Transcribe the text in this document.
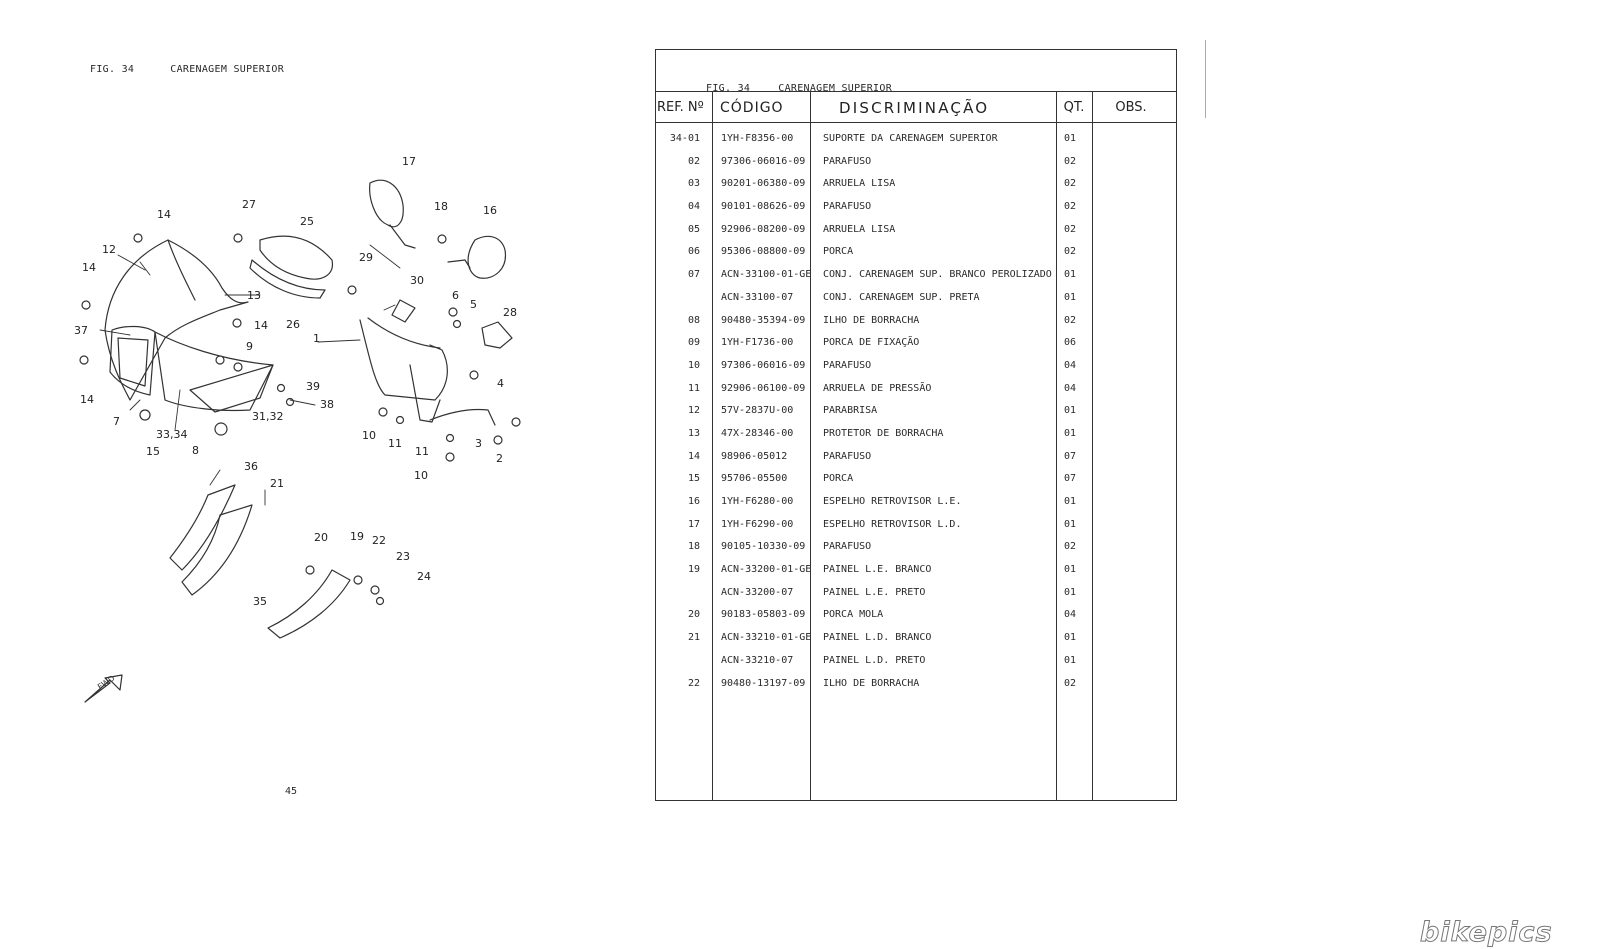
FIG. 34	CARENAGEM SUPERIOR
FWD
17
14
27
25
18	16
12
29
14
13
30
6
5
28
37	14 26
9
1
39	4
14	38
7	31,32
10
11
11
3
2
33,34
15	8
10
36
21
20 19 22
23
24
35
45
FIG. 34	CARENAGEM SUPERIOR
REF. Nº	CÓDIGO	DISCRIMINAÇÃO	QT.	OBS.
34-01 1YH-F8356-00	SUPORTE DA CARENAGEM SUPERIOR	01
02 97306-06016-09 PARAFUSO	02
03 90201-06380-09 ARRUELA LISA	02
04 90101-08626-09 PARAFUSO	02
05 92906-08200-09 ARRUELA LISA	02
06 95306-08800-09 PORCA	02
07 ACN-33100-01-GE CONJ. CARENAGEM SUP. BRANCO PEROLIZADO 01
ACN-33100-07	CONJ. CARENAGEM SUP. PRETA	01
08 90480-35394-09 ILHO DE BORRACHA	02
09 1YH-F1736-00	PORCA DE FIXAÇÃO	06
10 97306-06016-09 PARAFUSO	04
11 92906-06100-09 ARRUELA DE PRESSÃO	04
12 57V-2837U-00	PARABRISA	01
13 47X-28346-00	PROTETOR DE BORRACHA	01
14 98906-05012	PARAFUSO	07
15 95706-05500	PORCA	07
16 1YH-F6280-00	ESPELHO RETROVISOR L.E.	01
17 1YH-F6290-00	ESPELHO RETROVISOR L.D.	01
18 90105-10330-09 PARAFUSO	02
19 ACN-33200-01-GE PAINEL L.E. BRANCO	01
ACN-33200-07	PAINEL L.E. PRETO	01
20 90183-05803-09 PORCA MOLA	04
21 ACN-33210-01-GE PAINEL L.D. BRANCO	01
ACN-33210-07	PAINEL L.D. PRETO	01
22 90480-13197-09 ILHO DE BORRACHA	02
bikepics
